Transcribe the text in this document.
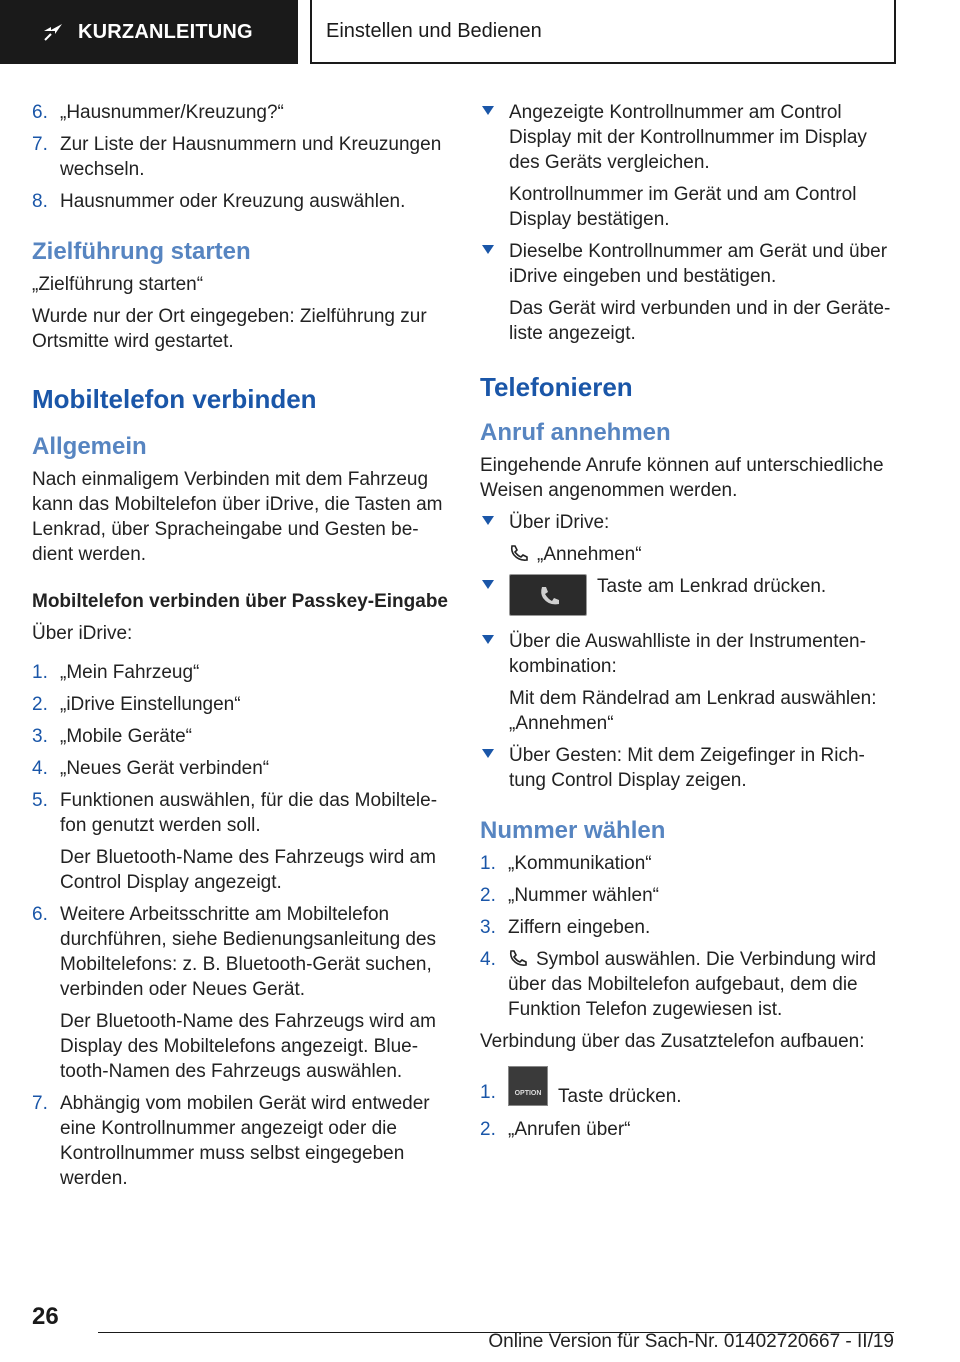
KURZANLEITUNG	Einstellen und Bedienen
6. „Hausnummer/Kreuzung?“
7. Zur Liste der Hausnummern und Kreuzungen wechseln.
8. Hausnummer oder Kreuzung auswählen.
Zielführung starten
„Zielführung starten“
Wurde nur der Ort eingegeben: Zielführung zur Ortsmitte wird gestartet.
Mobiltelefon verbinden
Allgemein
Nach einmaligem Verbinden mit dem Fahrzeug kann das Mobiltelefon über iDrive, die Tasten am Lenkrad, über Spracheingabe und Gesten bedient werden.
Mobiltelefon verbinden über Passkey-Eingabe
Über iDrive:
1. „Mein Fahrzeug“
2. „iDrive Einstellungen“
3. „Mobile Geräte“
4. „Neues Gerät verbinden“
5. Funktionen auswählen, für die das Mobiltelefon genutzt werden soll.
Der Bluetooth-Name des Fahrzeugs wird am Control Display angezeigt.
6. Weitere Arbeitsschritte am Mobiltelefon durchführen, siehe Bedienungsanleitung des Mobiltelefons: z. B. Bluetooth-Gerät suchen, verbinden oder Neues Gerät.
Der Bluetooth-Name des Fahrzeugs wird am Display des Mobiltelefons angezeigt. Bluetooth-Namen des Fahrzeugs auswählen.
7. Abhängig vom mobilen Gerät wird entweder eine Kontrollnummer angezeigt oder die Kontrollnummer muss selbst eingegeben werden.
Angezeigte Kontrollnummer am Control Display mit der Kontrollnummer im Display des Geräts vergleichen.
Kontrollnummer im Gerät und am Control Display bestätigen.
Dieselbe Kontrollnummer am Gerät und über iDrive eingeben und bestätigen.
Das Gerät wird verbunden und in der Geräteliste angezeigt.
Telefonieren
Anruf annehmen
Eingehende Anrufe können auf unterschiedliche Weisen angenommen werden.
Über iDrive:
„Annehmen“
Taste am Lenkrad drücken.
Über die Auswahlliste in der Instrumentenkombination:
Mit dem Rändelrad am Lenkrad auswählen: „Annehmen“
Über Gesten: Mit dem Zeigefinger in Richtung Control Display zeigen.
Nummer wählen
1. „Kommunikation“
2. „Nummer wählen“
3. Ziffern eingeben.
4. Symbol auswählen. Die Verbindung wird über das Mobiltelefon aufgebaut, dem die Funktion Telefon zugewiesen ist.
Verbindung über das Zusatztelefon aufbauen:
1.	OPTION Taste drücken.
2. „Anrufen über“
26
Online Version für Sach-Nr. 01402720667 - II/19
